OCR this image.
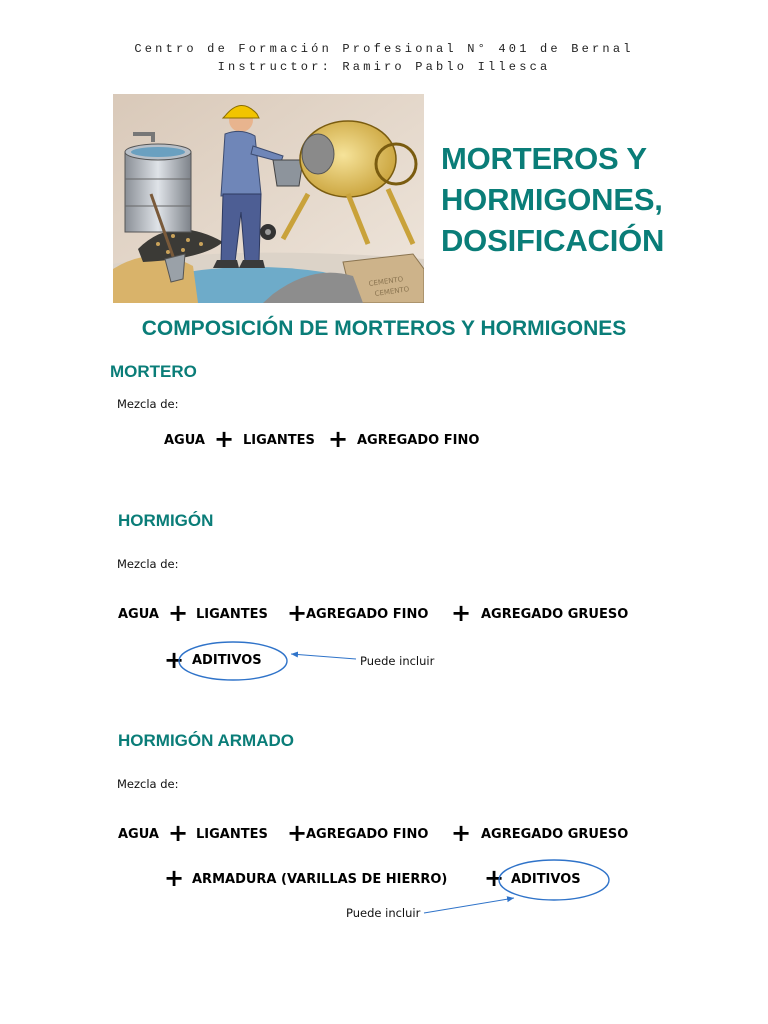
Centro de Formación Profesional N° 401 de Bernal
Instructor: Ramiro Pablo Illesca
CEMENTO
CEMENTO
MORTEROS Y
HORMIGONES,
DOSIFICACIÓN
COMPOSICIÓN DE MORTEROS Y HORMIGONES
MORTERO
Mezcla de:
AGUA + LIGANTES + AGREGADO FINO
HORMIGÓN
Mezcla de:
AGUA + LIGANTES +
AGREGADO FINO + AGREGADO GRUESO
+ ADITIVOS	Puede incluir
HORMIGÓN ARMADO
Mezcla de:
AGUA + LIGANTES +
AGREGADO FINO + AGREGADO GRUESO
+ ARMADURA (VARILLAS DE HIERRO) + ADITIVOS
Puede incluir
